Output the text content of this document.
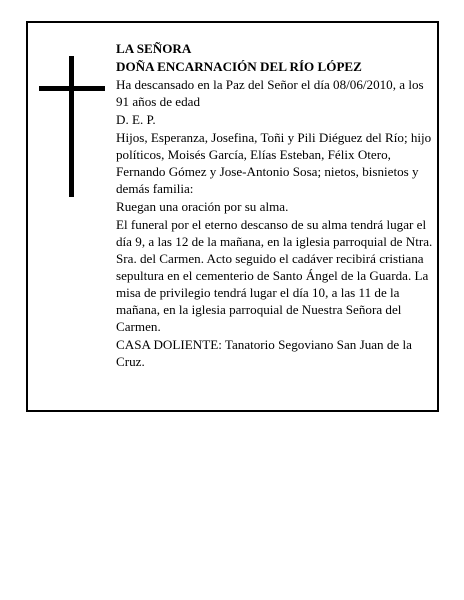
LA SEÑORA

DOÑA ENCARNACIÓN DEL RÍO LÓPEZ

Ha descansado en la Paz del Señor el día 08/06/2010, a los 91 años de edad

D. E. P.

Hijos, Esperanza, Josefina, Toñi y Pili Diéguez del Río; hijo políticos, Moisés García, Elías Esteban, Félix Otero, Fernando Gómez y Jose-Antonio Sosa; nietos, bisnietos y demás familia:

Ruegan una oración por su alma.

El funeral por el eterno descanso de su alma tendrá lugar el día 9, a las 12 de la mañana, en la iglesia parroquial de Ntra. Sra. del Carmen. Acto seguido el cadáver recibirá cristiana sepultura en el cementerio de Santo Ángel de la Guarda. La misa de privilegio tendrá lugar el día 10, a las 11 de la mañana, en la iglesia parroquial de Nuestra Señora del Carmen.

CASA DOLIENTE: Tanatorio Segoviano San Juan de la Cruz.
